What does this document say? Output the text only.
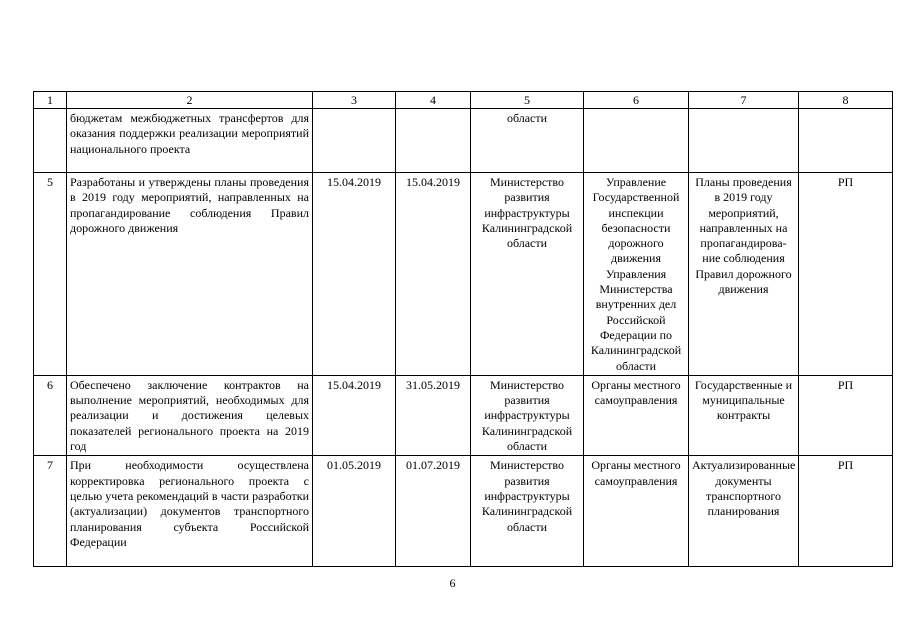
1	2	3	4	5	6	7	8
	бюджетам межбюджетных трансфертов для оказания поддержки реализации мероприятий национального проекта			области			
5	Разработаны и утверждены планы проведения в 2019 году мероприятий, направленных на пропагандирование соблюдения Правил дорожного движения	15.04.2019	15.04.2019	Министерство развития инфраструктуры Калининградской области	Управление Государственной инспекции безопасности дорожного движения Управления Министерства внутренних дел Российской Федерации по Калининградской области	Планы проведения в 2019 году мероприятий, направленных на пропагандирова- ние соблюдения Правил дорожного движения	РП
6	Обеспечено заключение контрактов на выполнение мероприятий, необходимых для реализации и достижения целевых показателей регионального проекта на 2019 год	15.04.2019	31.05.2019	Министерство развития инфраструктуры Калининградской области	Органы местного самоуправления	Государственные и муниципальные контракты	РП
7	При необходимости осуществлена корректировка регионального проекта с целью учета рекомендаций в части разработки (актуализации) документов транспортного планирования субъекта Российской Федерации	01.05.2019	01.07.2019	Министерство развития инфраструктуры Калининградской области	Органы местного самоуправления	Актуализированные документы транспортного планирования	РП
6
